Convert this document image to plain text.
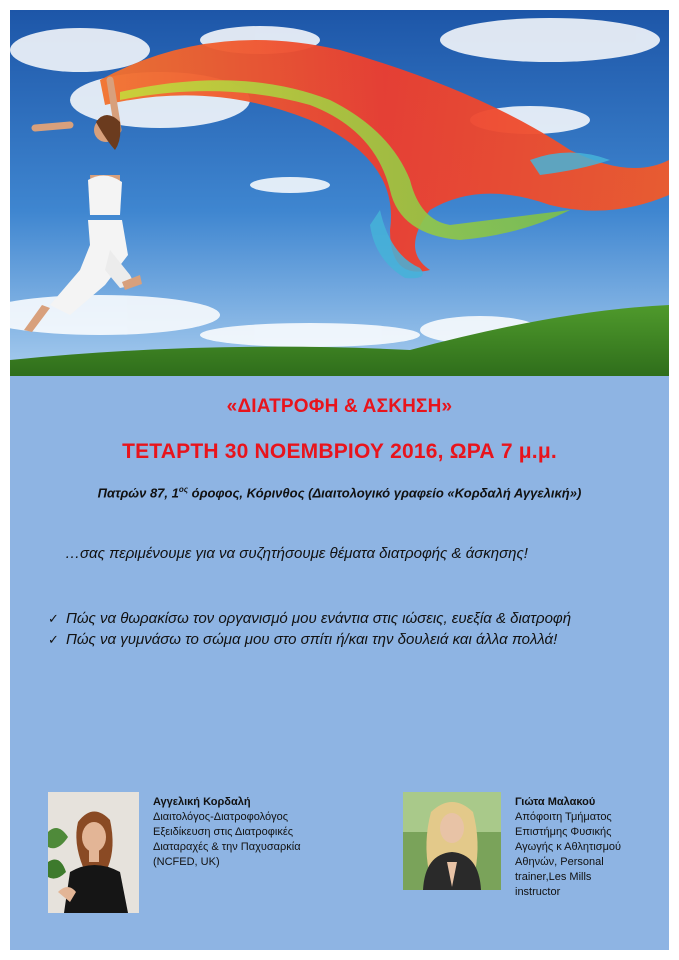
«ΔΙΑΤΡΟΦΗ & ΑΣΚΗΣΗ»
ΤΕΤΑΡΤΗ 30 ΝΟΕΜΒΡΙΟΥ 2016, ΩΡΑ 7 μ.μ.
Πατρών 87, $1^{o\varsigma}$ όροφος, Κόρινθος (Διαιτολογικό γραφείο «Κορδαλή Αγγελική»)
…σας περιμένουμε για να συζητήσουμε θέματα διατροφής & άσκησης!
✓ Πώς να θωρακίσω τον οργανισμό μου ενάντια στις ιώσεις, ευεξία & διατροφή
✓ Πώς να γυμνάσω το σώμα μου στο σπίτι ή/και την δουλειά και άλλα πολλά!
Αγγελική Κορδαλή
Διαιτολόγος-Διατροφολόγος
Εξειδίκευση στις Διατροφικές
Διαταραχές & την Παχυσαρκία
(NCFED, UK)
Γιώτα Μαλακού
Απόφοιτη Τμήματος
Επιστήμης Φυσικής
Αγωγής κ Αθλητισμού
Αθηνών, Personal
trainer,Les Mills
instructor
